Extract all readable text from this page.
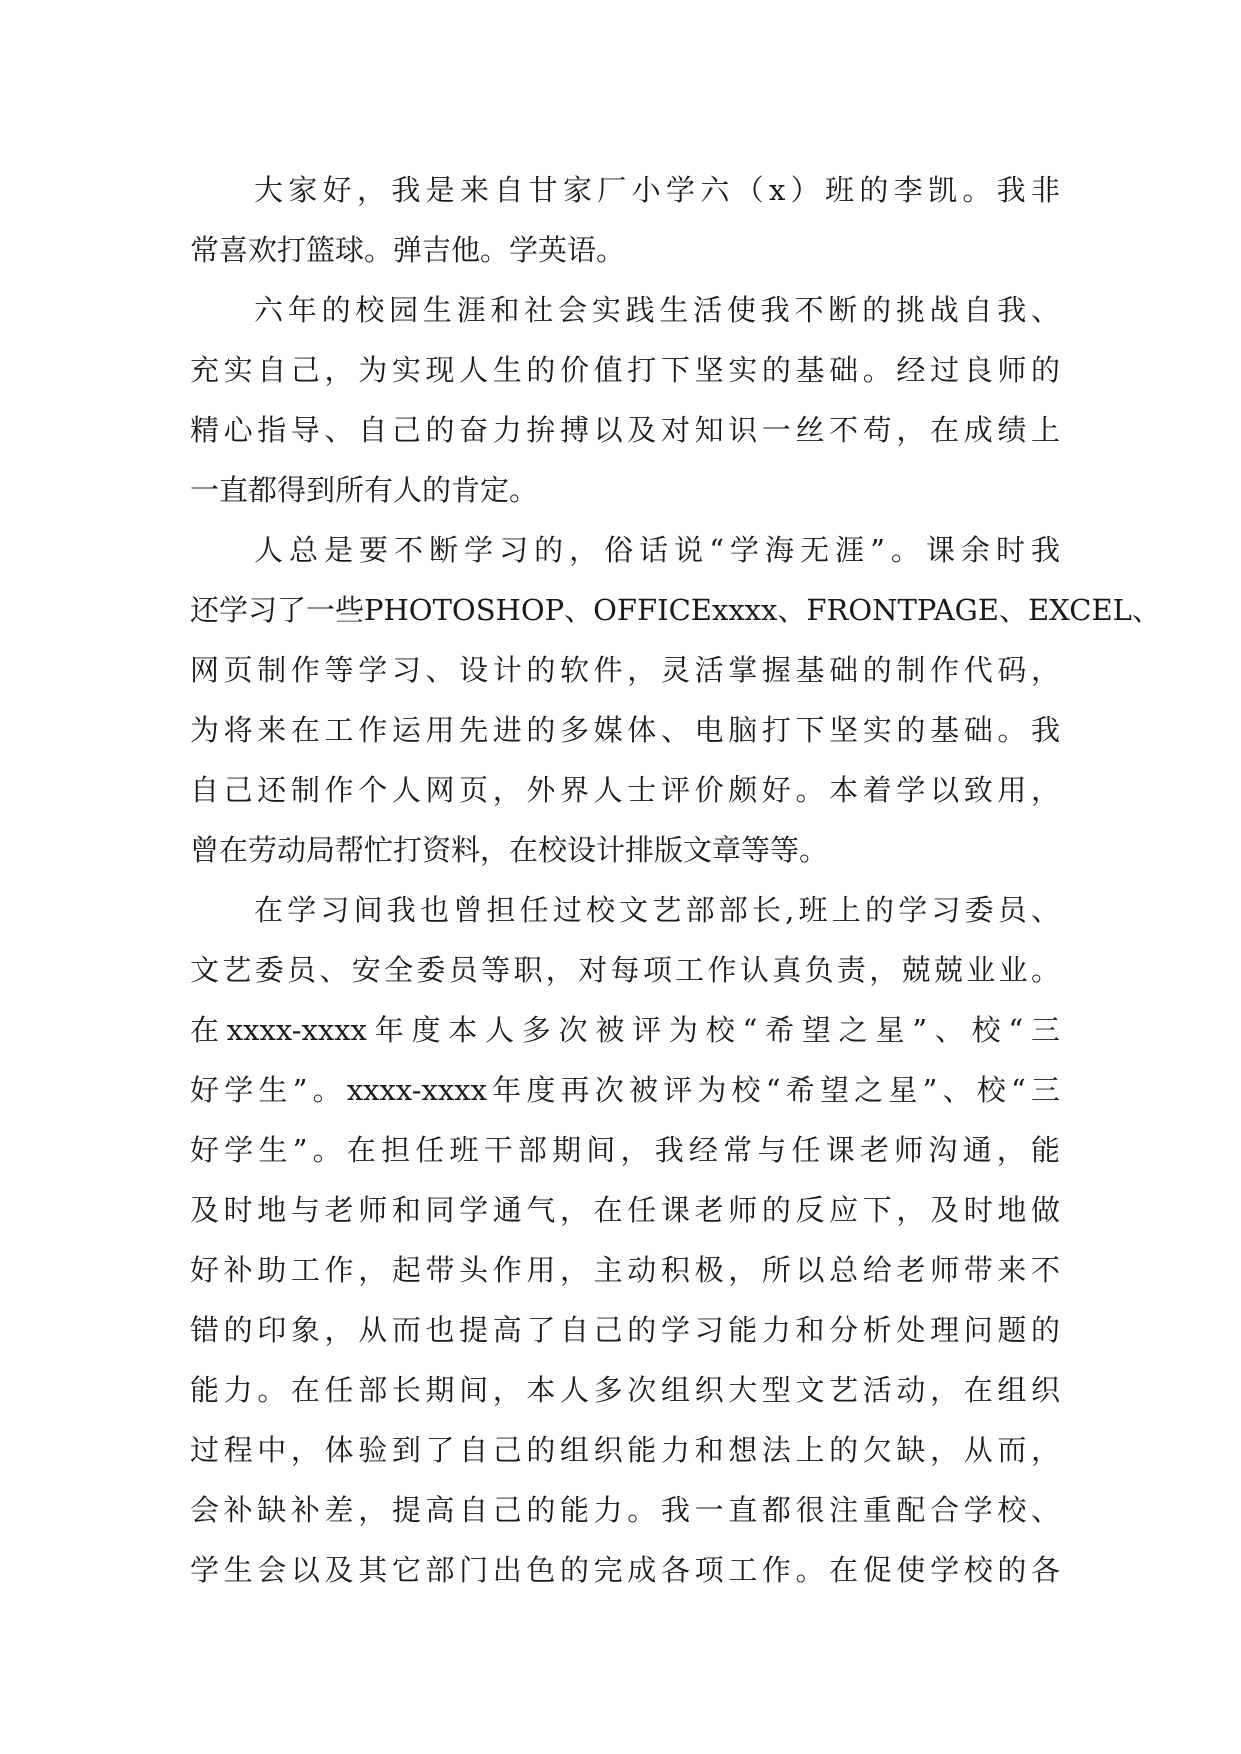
大家好，我是来自甘家厂小学六（x）班的李凯。我非
常喜欢打篮球。弹吉他。学英语。

六年的校园生涯和社会实践生活使我不断的挑战自我、
充实自己，为实现人生的价值打下坚实的基础。经过良师的
精心指导、自己的奋力拚搏以及对知识一丝不苟，在成绩上
一直都得到所有人的肯定。

人总是要不断学习的，俗话说“学海无涯”。课余时我
还学习了一些PHOTOSHOP、OFFICExxxx、FRONTPAGE、EXCEL、
网页制作等学习、设计的软件，灵活掌握基础的制作代码，
为将来在工作运用先进的多媒体、电脑打下坚实的基础。我
自己还制作个人网页，外界人士评价颇好。本着学以致用，
曾在劳动局帮忙打资料，在校设计排版文章等等。

在学习间我也曾担任过校文艺部部长,班上的学习委员、
文艺委员、安全委员等职，对每项工作认真负责，兢兢业业。
在xxxx-xxxx年度本人多次被评为校“希望之星”、校“三
好学生”。xxxx-xxxx年度再次被评为校“希望之星”、校“三
好学生”。在担任班干部期间，我经常与任课老师沟通，能
及时地与老师和同学通气，在任课老师的反应下，及时地做
好补助工作，起带头作用，主动积极，所以总给老师带来不
错的印象，从而也提高了自己的学习能力和分析处理问题的
能力。在任部长期间，本人多次组织大型文艺活动，在组织
过程中，体验到了自己的组织能力和想法上的欠缺，从而，
会补缺补差，提高自己的能力。我一直都很注重配合学校、
学生会以及其它部门出色的完成各项工作。在促使学校的各
